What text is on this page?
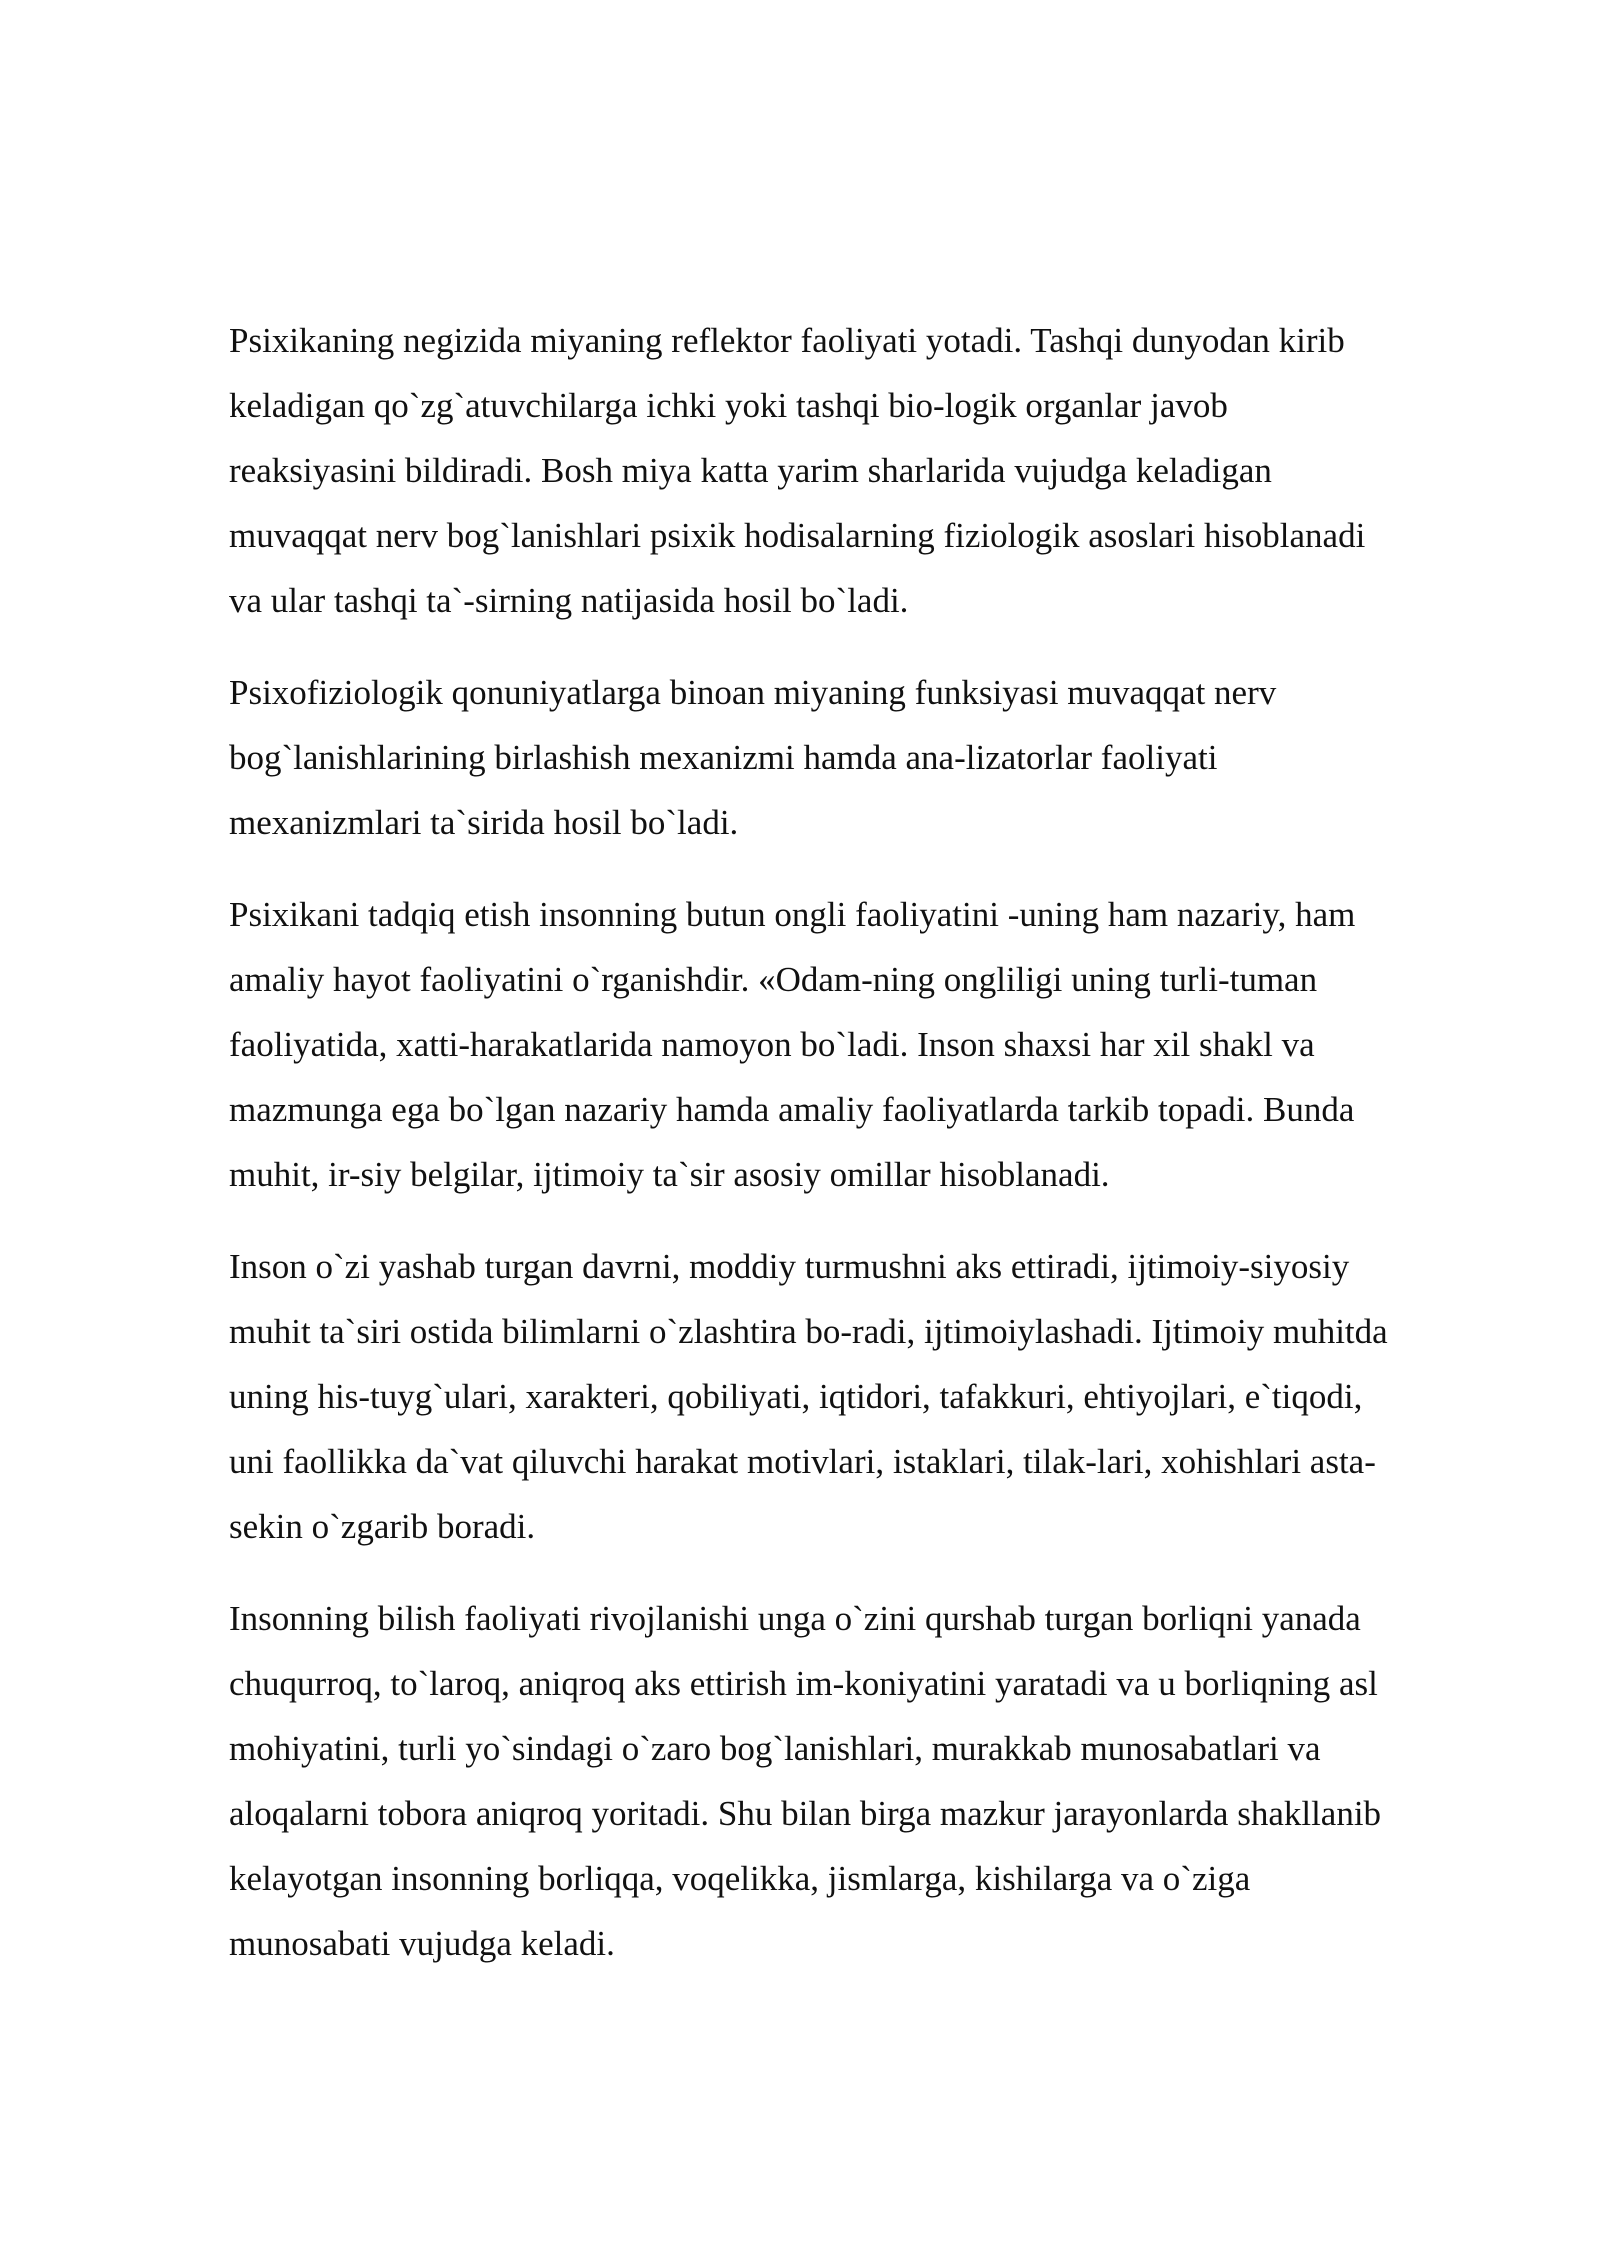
Psixikaning negizida miyaning reflektor faoliyati yotadi. Tashqi dunyodan kirib
keladigan qo`zg`atuvchilarga ichki yoki tashqi bio-logik organlar javob
reaksiyasini bildiradi. Bosh miya katta yarim sharlarida vujudga keladigan
muvaqqat nerv bog`lanishlari psixik hodisalarning fiziologik asoslari hisoblanadi
va ular tashqi ta`-sirning natijasida hosil bo`ladi.

Psixofiziologik qonuniyatlarga binoan miyaning funksiyasi muvaqqat nerv
bog`lanishlarining birlashish mexanizmi hamda ana-lizatorlar faoliyati
mexanizmlari ta`sirida hosil bo`ladi.

Psixikani tadqiq etish insonning butun ongli faoliyatini -uning ham nazariy, ham
amaliy hayot faoliyatini o`rganishdir. «Odam-ning ongliligi uning turli-tuman
faoliyatida, xatti-harakatlarida namoyon bo`ladi. Inson shaxsi har xil shakl va
mazmunga ega bo`lgan nazariy hamda amaliy faoliyatlarda tarkib topadi. Bunda
muhit, ir-siy belgilar, ijtimoiy ta`sir asosiy omillar hisoblanadi.

Inson o`zi yashab turgan davrni, moddiy turmushni aks ettiradi, ijtimoiy-siyosiy
muhit ta`siri ostida bilimlarni o`zlashtira bo-radi, ijtimoiylashadi. Ijtimoiy muhitda
uning his-tuyg`ulari, xarakteri, qobiliyati, iqtidori, tafakkuri, ehtiyojlari, e`tiqodi,
uni faollikka da`vat qiluvchi harakat motivlari, istaklari, tilak-lari, xohishlari asta-
sekin o`zgarib boradi.

Insonning bilish faoliyati rivojlanishi unga o`zini qurshab turgan borliqni yanada
chuqurroq, to`laroq, aniqroq aks ettirish im-koniyatini yaratadi va u borliqning asl
mohiyatini, turli yo`sindagi o`zaro bog`lanishlari, murakkab munosabatlari va
aloqalarni tobora aniqroq yoritadi. Shu bilan birga mazkur jarayonlarda shakllanib
kelayotgan insonning borliqqa, voqelikka, jismlarga, kishilarga va o`ziga
munosabati vujudga keladi.
